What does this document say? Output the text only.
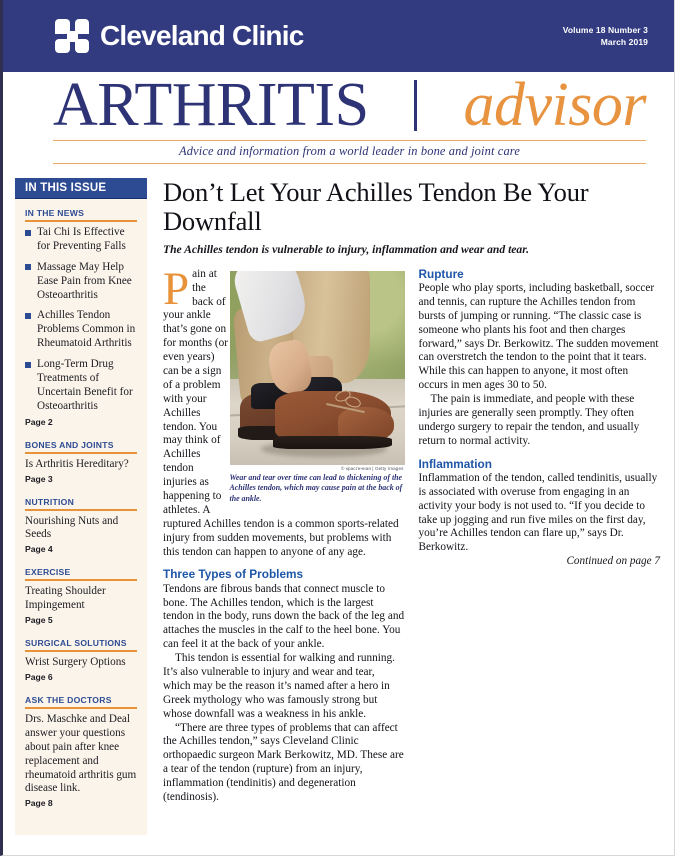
Cleveland Clinic	Volume 18 Number 3
March 2019
ARTHRITIS advisor
Advice and information from a world leader in bone and joint care
IN THIS ISSUE
IN THE NEWS
Tai Chi Is Effective for Preventing Falls
Massage May Help Ease Pain from Knee Osteoarthritis
Achilles Tendon Problems Common in Rheumatoid Arthritis
Long-Term Drug Treatments of Uncertain Benefit for Osteoarthritis
Page 2
BONES AND JOINTS
Is Arthritis Hereditary?
Page 3
NUTRITION
Nourishing Nuts and Seeds
Page 4
EXERCISE
Treating Shoulder Impingement
Page 5
SURGICAL SOLUTIONS
Wrist Surgery Options
Page 6
ASK THE DOCTORS
Drs. Maschke and Deal answer your questions about pain after knee replacement and rheumatoid arthritis gum disease link.
Page 8
Don’t Let Your Achilles Tendon Be Your Downfall
The Achilles tendon is vulnerable to injury, inflammation and wear and tear.
© крастичная | Getty Images
Wear and tear over time can lead to thickening of the Achilles tendon, which may cause pain at the back of the ankle.

Pain at the back of your ankle that’s gone on for months (or even years) can be a sign of a problem with your Achilles tendon. You may think of Achilles tendon injuries as happening to athletes. A ruptured Achilles tendon is a common sports-related injury from sudden movements, but problems with this tendon can happen to anyone of any age.

Three Types of Problems

Tendons are fibrous bands that connect muscle to bone. The Achilles tendon, which is the largest tendon in the body, runs down the back of the leg and attaches the muscles in the calf to the heel bone. You can feel it at the back of your ankle.

This tendon is essential for walking and running. It’s also vulnerable to injury and wear and tear, which may be the reason it’s named after a hero in Greek mythology who was famously strong but whose downfall was a weakness in his ankle.

“There are three types of problems that can affect the Achilles tendon,” says Cleveland Clinic orthopaedic surgeon Mark Berkowitz, MD. These are a tear of the tendon (rupture) from an injury, inflammation (tendinitis) and degeneration (tendinosis).

Rupture

People who play sports, including basketball, soccer and tennis, can rupture the Achilles tendon from bursts of jumping or running. “The classic case is someone who plants his foot and then charges forward,” says Dr. Berkowitz. The sudden movement can overstretch the tendon to the point that it tears. While this can happen to anyone, it most often occurs in men ages 30 to 50.

The pain is immediate, and people with these injuries are generally seen promptly. They often undergo surgery to repair the tendon, and usually return to normal activity.

Inflammation

Inflammation of the tendon, called tendinitis, usually is associated with overuse from engaging in an activity your body is not used to. “If you decide to take up jogging and run five miles on the first day, you’re Achilles tendon can flare up,” says Dr. Berkowitz.

Continued on page 7
